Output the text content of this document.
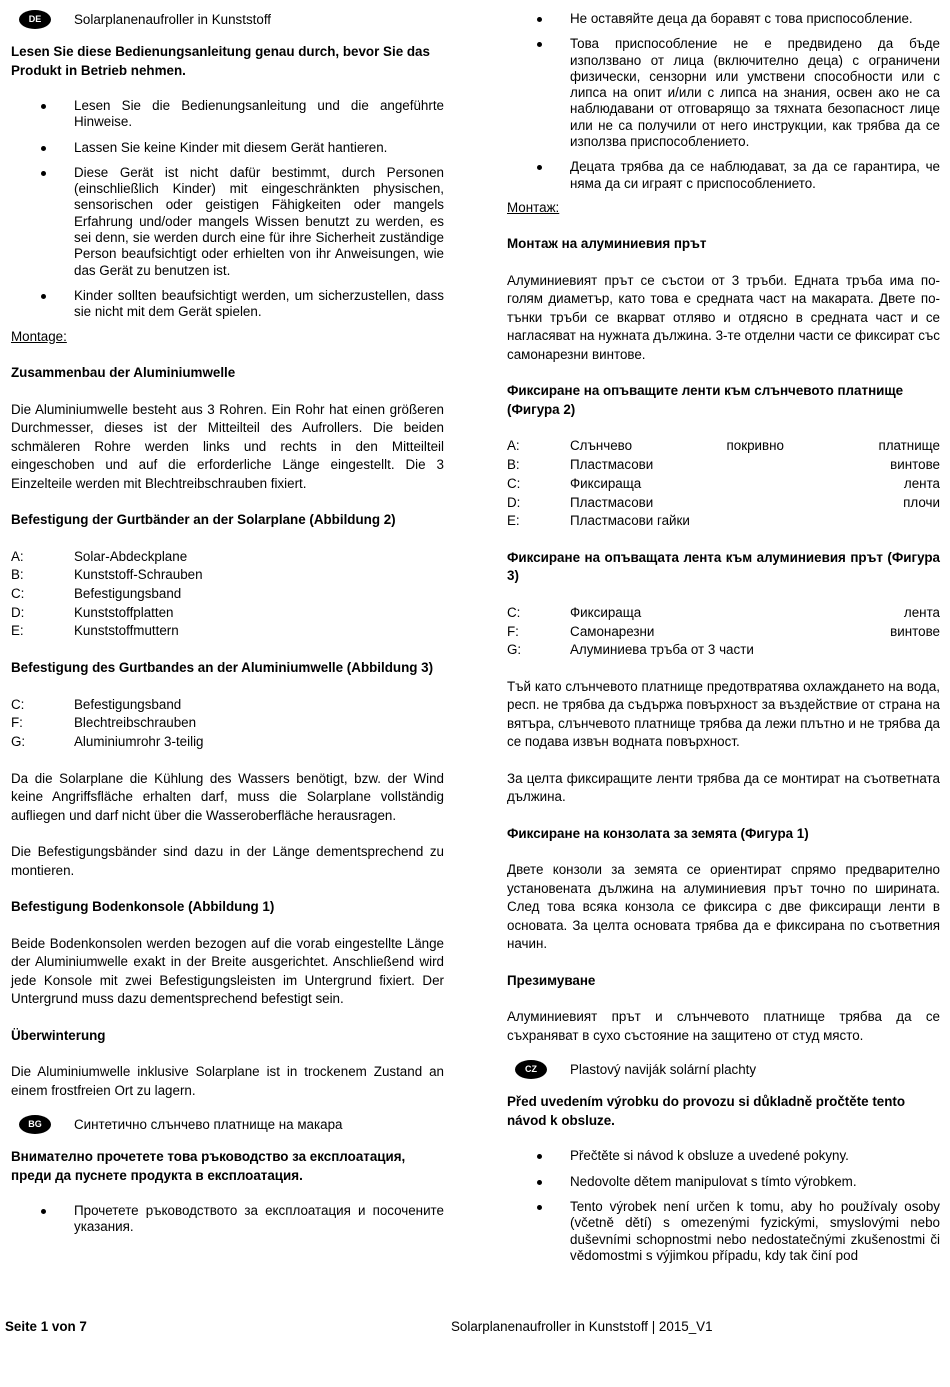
DE	Solarplanenaufroller in Kunststoff

Lesen Sie diese Bedienungsanleitung genau durch, bevor Sie das Produkt in Betrieb nehmen.

Lesen Sie die Bedienungsanleitung und die angeführte Hinweise.
Lassen Sie keine Kinder mit diesem Gerät hantieren.
Diese Gerät ist nicht dafür bestimmt, durch Personen (einschließlich Kinder) mit eingeschränkten physischen, sensorischen oder geistigen Fähigkeiten oder mangels Erfahrung und/oder mangels Wissen benutzt zu werden, es sei denn, sie werden durch eine für ihre Sicherheit zuständige Person beaufsichtigt oder erhielten von ihr Anweisungen, wie das Gerät zu benutzen ist.
Kinder sollten beaufsichtigt werden, um sicherzustellen, dass sie nicht mit dem Gerät spielen.

Montage:

Zusammenbau der Aluminiumwelle

Die Aluminiumwelle besteht aus 3 Rohren. Ein Rohr hat einen größeren Durchmesser, dieses ist der Mitteilteil des Aufrollers. Die beiden schmäleren Rohre werden links und rechts in den Mitteilteil eingeschoben und auf die erforderliche Länge eingestellt. Die 3 Einzelteile werden mit Blechtreibschrauben fixiert.

Befestigung der Gurtbänder an der Solarplane (Abbildung 2)

A:	Solar-Abdeckplane
B:	Kunststoff-Schrauben
C:	Befestigungsband
D:	Kunststoffplatten
E:	Kunststoffmuttern

Befestigung des Gurtbandes an der Aluminiumwelle (Abbildung 3)

C:	Befestigungsband
F:	Blechtreibschrauben
G:	Aluminiumrohr 3-teilig

Da die Solarplane die Kühlung des Wassers benötigt, bzw. der Wind keine Angriffsfläche erhalten darf, muss die Solarplane vollständig aufliegen und darf nicht über die Wasseroberfläche herausragen.

Die Befestigungsbänder sind dazu in der Länge dementsprechend zu montieren.

Befestigung Bodenkonsole (Abbildung 1)

Beide Bodenkonsolen werden bezogen auf die vorab eingestellte Länge der Aluminiumwelle exakt in der Breite ausgerichtet. Anschließend wird jede Konsole mit zwei Befestigungsleisten im Untergrund fixiert. Der Untergrund muss dazu dementsprechend befestigt sein.

Überwinterung

Die Aluminiumwelle inklusive Solarplane ist in trockenem Zustand an einem frostfreien Ort zu lagern.

BG	Синтетично слънчево платнище на макара

Внимателно прочетете това ръководство за експлоатация, преди да пуснете продукта в експлоатация.

Прочетете ръководството за експлоатация и посочените указания.
Не оставяйте деца да боравят с това приспособление.
Това приспособление не е предвидено да бъде използвано от лица (включително деца) с ограничени физически, сензорни или умствени способности или с липса на опит и/или с липса на знания, освен ако не са наблюдавани от отговарящо за тяхната безопасност лице или не са получили от него инструкции, как трябва да се използва приспособлението.
Децата трябва да се наблюдават, за да се гарантира, че няма да си играят с приспособлението.

Монтаж:

Монтаж на алуминиевия прът

Алуминиевият прът се състои от 3 тръби. Едната тръба има по-голям диаметър, като това е средната част на макарата. Двете по-тънки тръби се вкарват отляво и отдясно в средната част и се нагласяват на нужната дължина. 3-те отделни части се фиксират със самонарезни винтове.

Фиксиране на опъващите ленти към слънчевото платнище (Фигура 2)

A:	Слънчево покривно платнище
B:	Пластмасови винтове
C:	Фиксираща лента
D:	Пластмасови плочи
E:	Пластмасови гайки

Фиксиране на опъващата лента към алуминиевия прът (Фигура 3)

C:	Фиксираща лента
F:	Самонарезни винтове
G:	Алуминиева тръба от 3 части

Тъй като слънчевото платнище предотвратява охлаждането на вода, респ. не трябва да съдържа повърхност за въздействие от страна на вятъра, слънчевото платнище трябва да лежи плътно и не трябва да се подава извън водната повърхност.

За целта фиксиращите ленти трябва да се монтират на съответната дължина.

Фиксиране на конзолата за земята (Фигура 1)

Двете конзоли за земята се ориентират спрямо предварително установената дължина на алуминиевия прът точно по ширината. След това всяка конзола се фиксира с две фиксиращи ленти в основата. За целта основата трябва да е фиксирана по съответния начин.

Презимуване

Алуминиевият прът и слънчевото платнище трябва да се съхраняват в сухо състояние на защитено от студ място.

CZ	Plastový naviják solární plachty

Před uvedením výrobku do provozu si důkladně pročtěte tento návod k obsluze.

Přečtěte si návod k obsluze a uvedené pokyny.
Nedovolte dětem manipulovat s tímto výrobkem.
Tento výrobek není určen k tomu, aby ho používaly osoby (včetně dětí) s omezenými fyzickými, smyslovými nebo duševními schopnostmi nebo nedostatečnými zkušenostmi či vědomostmi s výjimkou případu, kdy tak činí pod
Seite 1 von 7	Solarplanenaufroller in Kunststoff | 2015_V1
